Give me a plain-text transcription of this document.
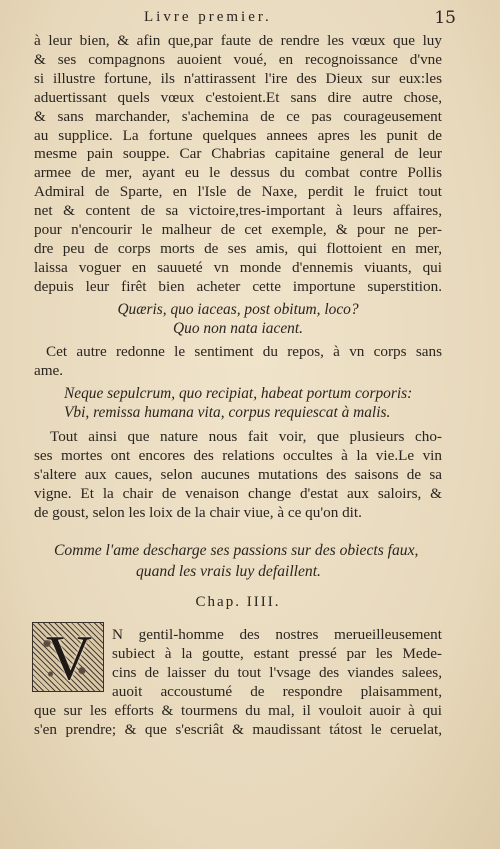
Livre premier.	15
à leur bien, & afin que,par faute de rendre les vœux que luy
& ses compagnons auoient voué, en recognoissance d'vne
si illustre fortune, ils n'attirassent l'ire des Dieux sur eux:les
aduertissant quels vœux c'estoient.Et sans dire autre chose,
& sans marchander, s'achemina de ce pas courageusement
au supplice. La fortune quelques annees apres les punit de
mesme pain souppe. Car Chabrias capitaine general de leur
armee de mer, ayant eu le dessus du combat contre Pollis
Admiral de Sparte, en l'Isle de Naxe, perdit le fruict tout
net & content de sa victoire,tres-important à leurs affaires,
pour n'encourir le malheur de cet exemple, & pour ne per-
dre peu de corps morts de ses amis, qui flottoient en mer,
laissa voguer en sauueté vn monde d'ennemis viuants, qui
depuis leur firêt bien acheter cette importune superstition.
Quæris, quo iaceas, post obitum, loco?
Quo non nata iacent.
Cet autre redonne le sentiment du repos, à vn corps sans
ame.
Neque sepulcrum, quo recipiat, habeat portum corporis:
Vbi, remissa humana vita, corpus requiescat à malis.
Tout ainsi que nature nous fait voir, que plusieurs cho-
ses mortes ont encores des relations occultes à la vie.Le vin
s'altere aux caues, selon aucunes mutations des saisons de sa
vigne. Et la chair de venaison change d'estat aux saloirs, &
de goust, selon les loix de la chair viue, à ce qu'on dit.
Comme l'ame descharge ses passions sur des obiects faux,
quand les vrais luy defaillent.
Chap. IIII.
V	N gentil-homme des nostres merueilleusement
subiect à la goutte, estant pressé par les Mede-
cins de laisser du tout l'vsage des viandes salees,
auoit accoustumé de respondre plaisamment,
que sur les efforts & tourmens du mal, il vouloit auoir à qui
s'en prendre; & que s'escriât & maudissant tátost le ceruelat,
